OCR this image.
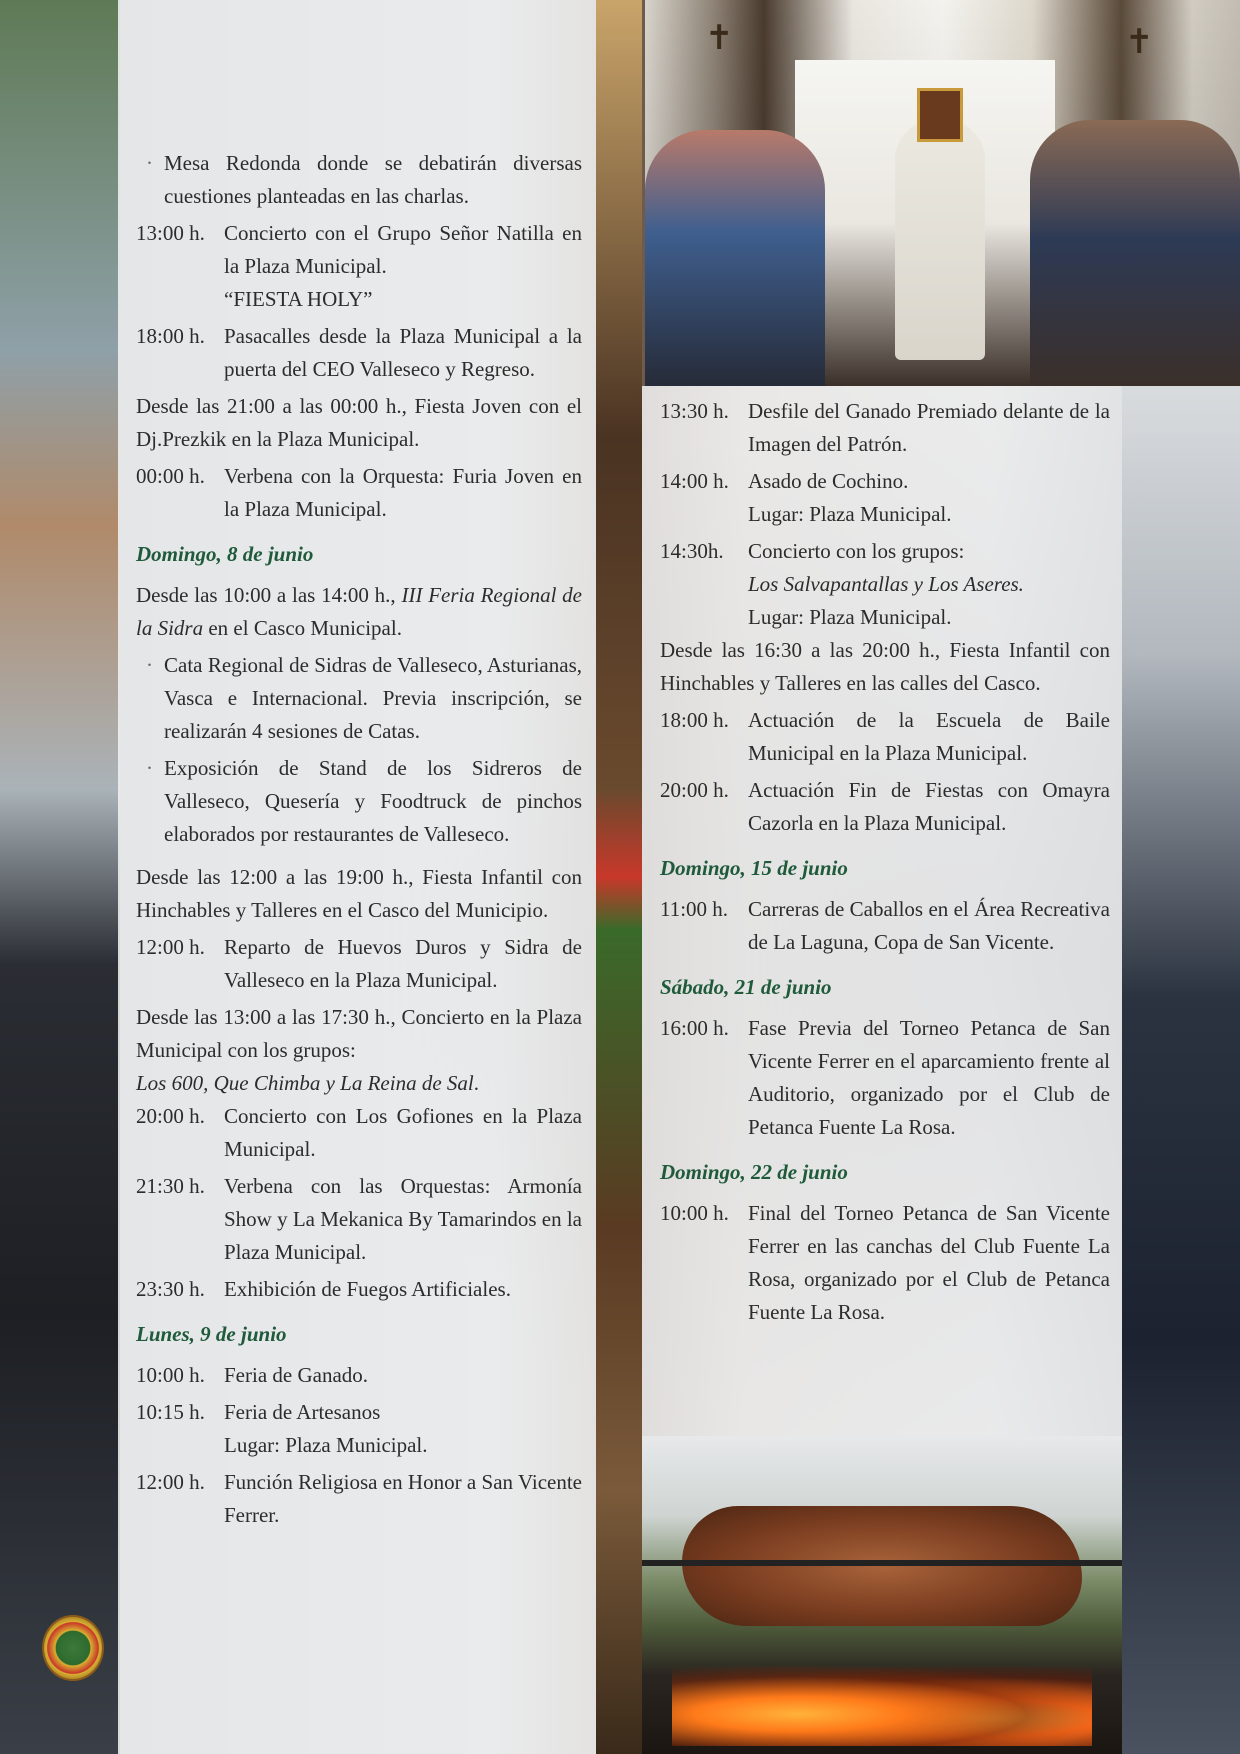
✝	✝
· Mesa Redonda donde se debatirán diversas cuestiones planteadas en las charlas.
13:00 h. Concierto con el Grupo Señor Natilla en la Plaza Municipal.
“FIESTA HOLY”
18:00 h. Pasacalles desde la Plaza Municipal a la puerta del CEO Valleseco y Regreso.
Desde las 21:00 a las 00:00 h., Fiesta Joven con el Dj.Prezkik en la Plaza Municipal.
00:00 h. Verbena con la Orquesta: Furia Joven en la Plaza Municipal.
Domingo, 8 de junio
Desde las 10:00 a las 14:00 h., III Feria Regional de la Sidra en el Casco Municipal.
· Cata Regional de Sidras de Valleseco, Asturianas, Vasca e Internacional. Previa inscripción, se realizarán 4 sesiones de Catas.
· Exposición de Stand de los Sidreros de Valleseco, Quesería y Foodtruck de pinchos elaborados por restaurantes de Valleseco.
Desde las 12:00 a las 19:00 h., Fiesta Infantil con Hinchables y Talleres en el Casco del Municipio.
12:00 h. Reparto de Huevos Duros y Sidra de Valleseco en la Plaza Municipal.
Desde las 13:00 a las 17:30 h., Concierto en la Plaza Municipal con los grupos:
Los 600, Que Chimba y La Reina de Sal.
20:00 h. Concierto con Los Gofiones en la Plaza Municipal.
21:30 h. Verbena con las Orquestas: Armonía Show y La Mekanica By Tamarindos en la Plaza Municipal.
23:30 h. Exhibición de Fuegos Artificiales.
Lunes, 9 de junio
10:00 h. Feria de Ganado.
10:15 h. Feria de Artesanos
Lugar: Plaza Municipal.
12:00 h. Función Religiosa en Honor a San Vicente Ferrer.
13:30 h. Desfile del Ganado Premiado delante de la Imagen del Patrón.
14:00 h. Asado de Cochino.
Lugar: Plaza Municipal.
14:30h.	Concierto con los grupos:
Los Salvapantallas y Los Aseres.
Lugar: Plaza Municipal.
Desde las 16:30 a las 20:00 h., Fiesta Infantil con Hinchables y Talleres en las calles del Casco.
18:00 h. Actuación de la Escuela de Baile Municipal en la Plaza Municipal.
20:00 h. Actuación Fin de Fiestas con Omayra Cazorla en la Plaza Municipal.
Domingo, 15 de junio
11:00 h. Carreras de Caballos en el Área Recreativa de La Laguna, Copa de San Vicente.
Sábado, 21 de junio
16:00 h. Fase Previa del Torneo Petanca de San Vicente Ferrer en el aparcamiento frente al Auditorio, organizado por el Club de Petanca Fuente La Rosa.
Domingo, 22 de junio
10:00 h. Final del Torneo Petanca de San Vicente Ferrer en las canchas del Club Fuente La Rosa, organizado por el Club de Petanca Fuente La Rosa.
